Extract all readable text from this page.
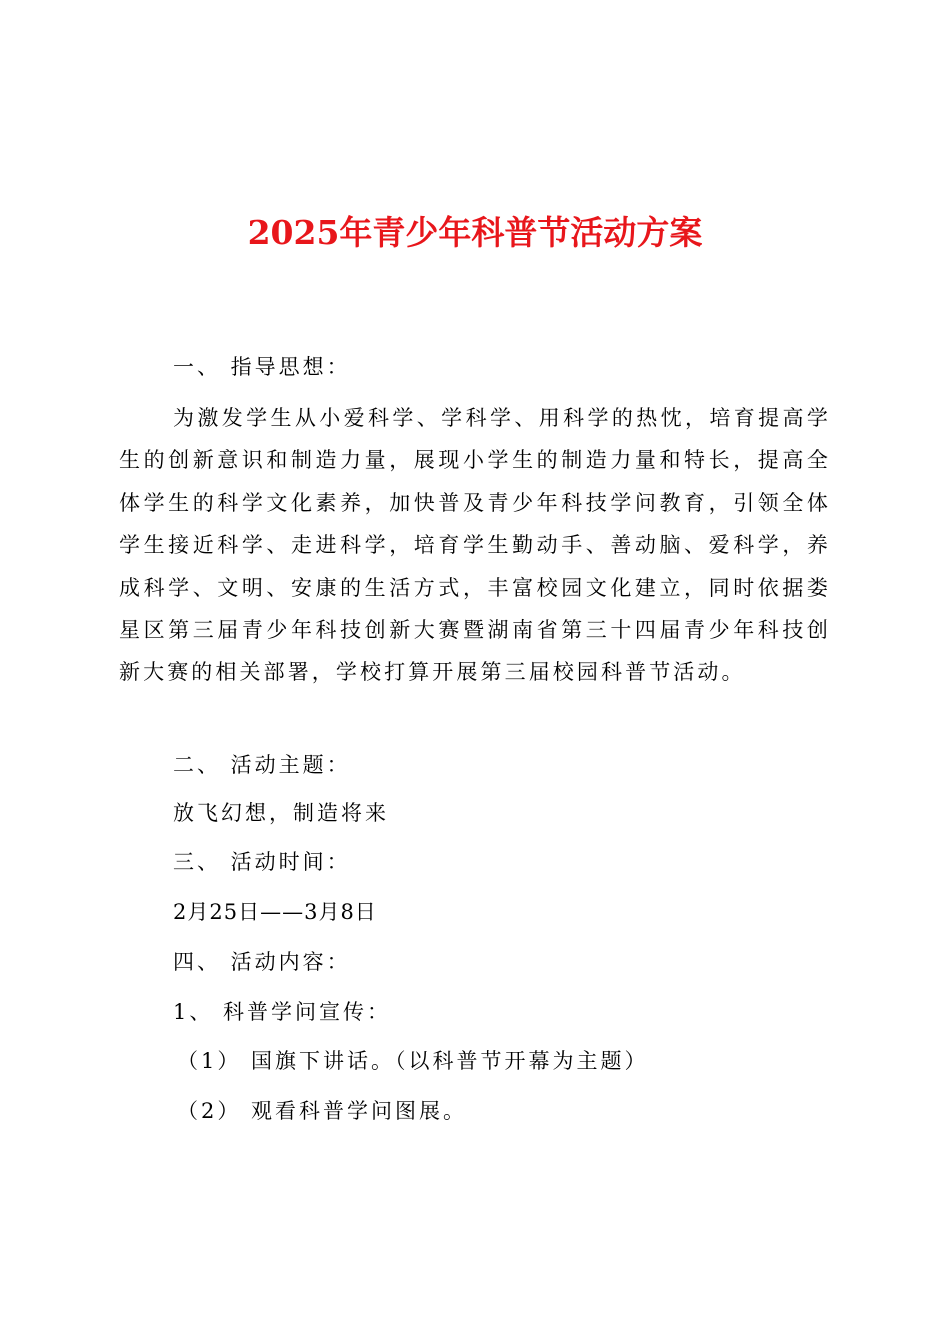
2025年青少年科普节活动方案
一、 指导思想：

为激发学生从小爱科学、学科学、用科学的热忱，培育提高学生的创新意识和制造力量，展现小学生的制造力量和特长，提高全体学生的科学文化素养，加快普及青少年科技学问教育，引领全体学生接近科学、走进科学，培育学生勤动手、善动脑、爱科学，养成科学、文明、安康的生活方式，丰富校园文化建立，同时依据娄星区第三届青少年科技创新大赛暨湖南省第三十四届青少年科技创新大赛的相关部署，学校打算开展第三届校园科普节活动。

二、 活动主题：
放飞幻想，制造将来
三、 活动时间：
2月25日——3月8日
四、 活动内容：
1、 科普学问宣传：
（1） 国旗下讲话。（以科普节开幕为主题）
（2） 观看科普学问图展。
